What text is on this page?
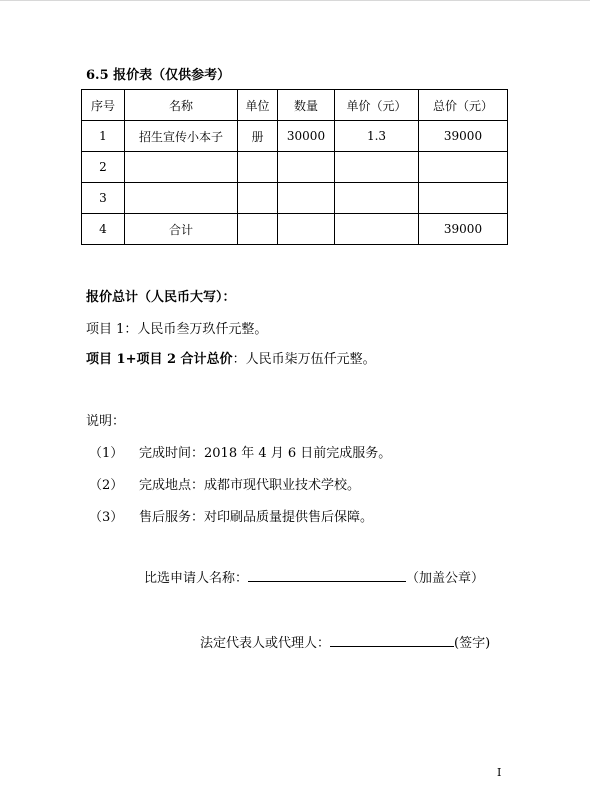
6.5 报价表（仅供参考）
序号	名称	单位	数量	单价（元）	总价（元）
1	招生宣传小本子	册	30000	1.3	39000
2					
3					
4	合计				39000
报价总计（人民币大写）：
项目 1：人民币叁万玖仟元整。
项目 1+项目 2 合计总价：人民币柒万伍仟元整。
说明：
（1） 完成时间：2018 年 4 月 6 日前完成服务。
（2） 完成地点：成都市现代职业技术学校。
（3） 售后服务：对印刷品质量提供售后保障。
比选申请人名称：	（加盖公章）
法定代表人或代理人：	(签字)
I
